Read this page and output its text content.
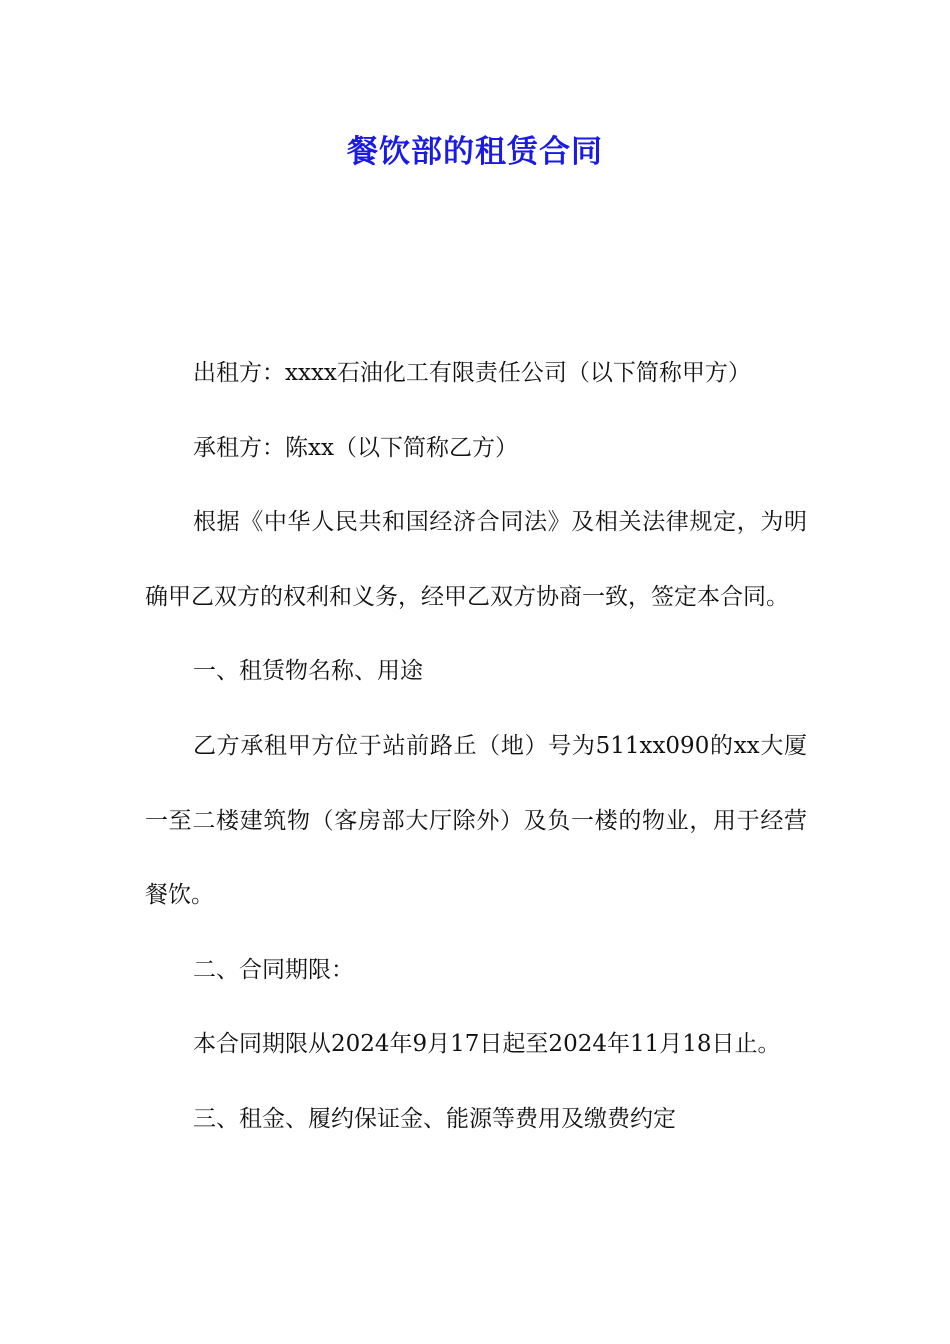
餐饮部的租赁合同

出租方：xxxx石油化工有限责任公司（以下简称甲方）

承租方：陈xx（以下简称乙方）

根据《中华人民共和国经济合同法》及相关法律规定，为明确甲乙双方的权利和义务，经甲乙双方协商一致，签定本合同。

一、租赁物名称、用途

乙方承租甲方位于站前路丘（地）号为511xx090的xx大厦一至二楼建筑物（客房部大厅除外）及负一楼的物业，用于经营餐饮。

二、合同期限：

本合同期限从2024年9月17日起至2024年11月18日止。

三、租金、履约保证金、能源等费用及缴费约定
